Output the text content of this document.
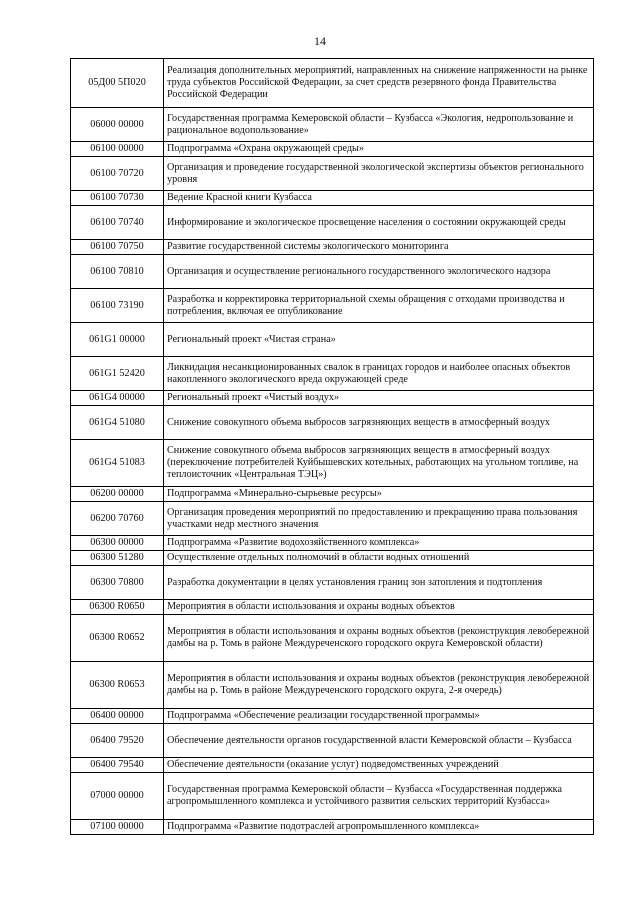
14
05Д00 5П020	Реализация дополнительных мероприятий, направленных на снижение напряженности на рынке труда субъектов Российской Федерации, за счет средств резервного фонда Правительства Российской Федерации
06000 00000	Государственная программа Кемеровской области – Кузбасса «Экология, недропользование и рациональное водопользование»
06100 00000	Подпрограмма «Охрана окружающей среды»
06100 70720	Организация и проведение государственной экологической экспертизы объектов регионального уровня
06100 70730	Ведение Красной книги Кузбасса
06100 70740	Информирование и экологическое просвещение населения о состоянии окружающей среды
06100 70750	Развитие государственной системы экологического мониторинга
06100 70810	Организация и осуществление регионального государственного экологического надзора
06100 73190	Разработка и корректировка территориальной схемы обращения с отходами производства и потребления, включая ее опубликование
061G1 00000	Региональный проект «Чистая страна»
061G1 52420	Ликвидация несанкционированных свалок в границах городов и наиболее опасных объектов накопленного экологического вреда окружающей среде
061G4 00000	Региональный проект «Чистый воздух»
061G4 51080	Снижение совокупного объема выбросов загрязняющих веществ в атмосферный воздух
061G4 51083	Снижение совокупного объема выбросов загрязняющих веществ в атмосферный воздух (переключение потребителей Куйбышевских котельных, работающих на угольном топливе, на теплоисточник «Центральная ТЭЦ»)
06200 00000	Подпрограмма «Минерально-сырьевые ресурсы»
06200 70760	Организация проведения мероприятий по предоставлению и прекращению права пользования участками недр местного значения
06300 00000	Подпрограмма «Развитие водохозяйственного комплекса»
06300 51280	Осуществление отдельных полномочий в области водных отношений
06300 70800	Разработка документации в целях установления границ зон затопления и подтопления
06300 R0650	Мероприятия в области использования и охраны водных объектов
06300 R0652	Мероприятия в области использования и охраны водных объектов (реконструкция левобережной дамбы на р. Томь в районе Междуреченского городского округа Кемеровской области)
06300 R0653	Мероприятия в области использования и охраны водных объектов (реконструкция левобережной дамбы на р. Томь в районе Междуреченского городского округа, 2-я очередь)
06400 00000	Подпрограмма «Обеспечение реализации государственной программы»
06400 79520	Обеспечение деятельности органов государственной власти Кемеровской области – Кузбасса
06400 79540	Обеспечение деятельности (оказание услуг) подведомственных учреждений
07000 00000	Государственная программа Кемеровской области – Кузбасса «Государственная поддержка агропромышленного комплекса и устойчивого развития сельских территорий Кузбасса»
07100 00000	Подпрограмма «Развитие подотраслей агропромышленного комплекса»
